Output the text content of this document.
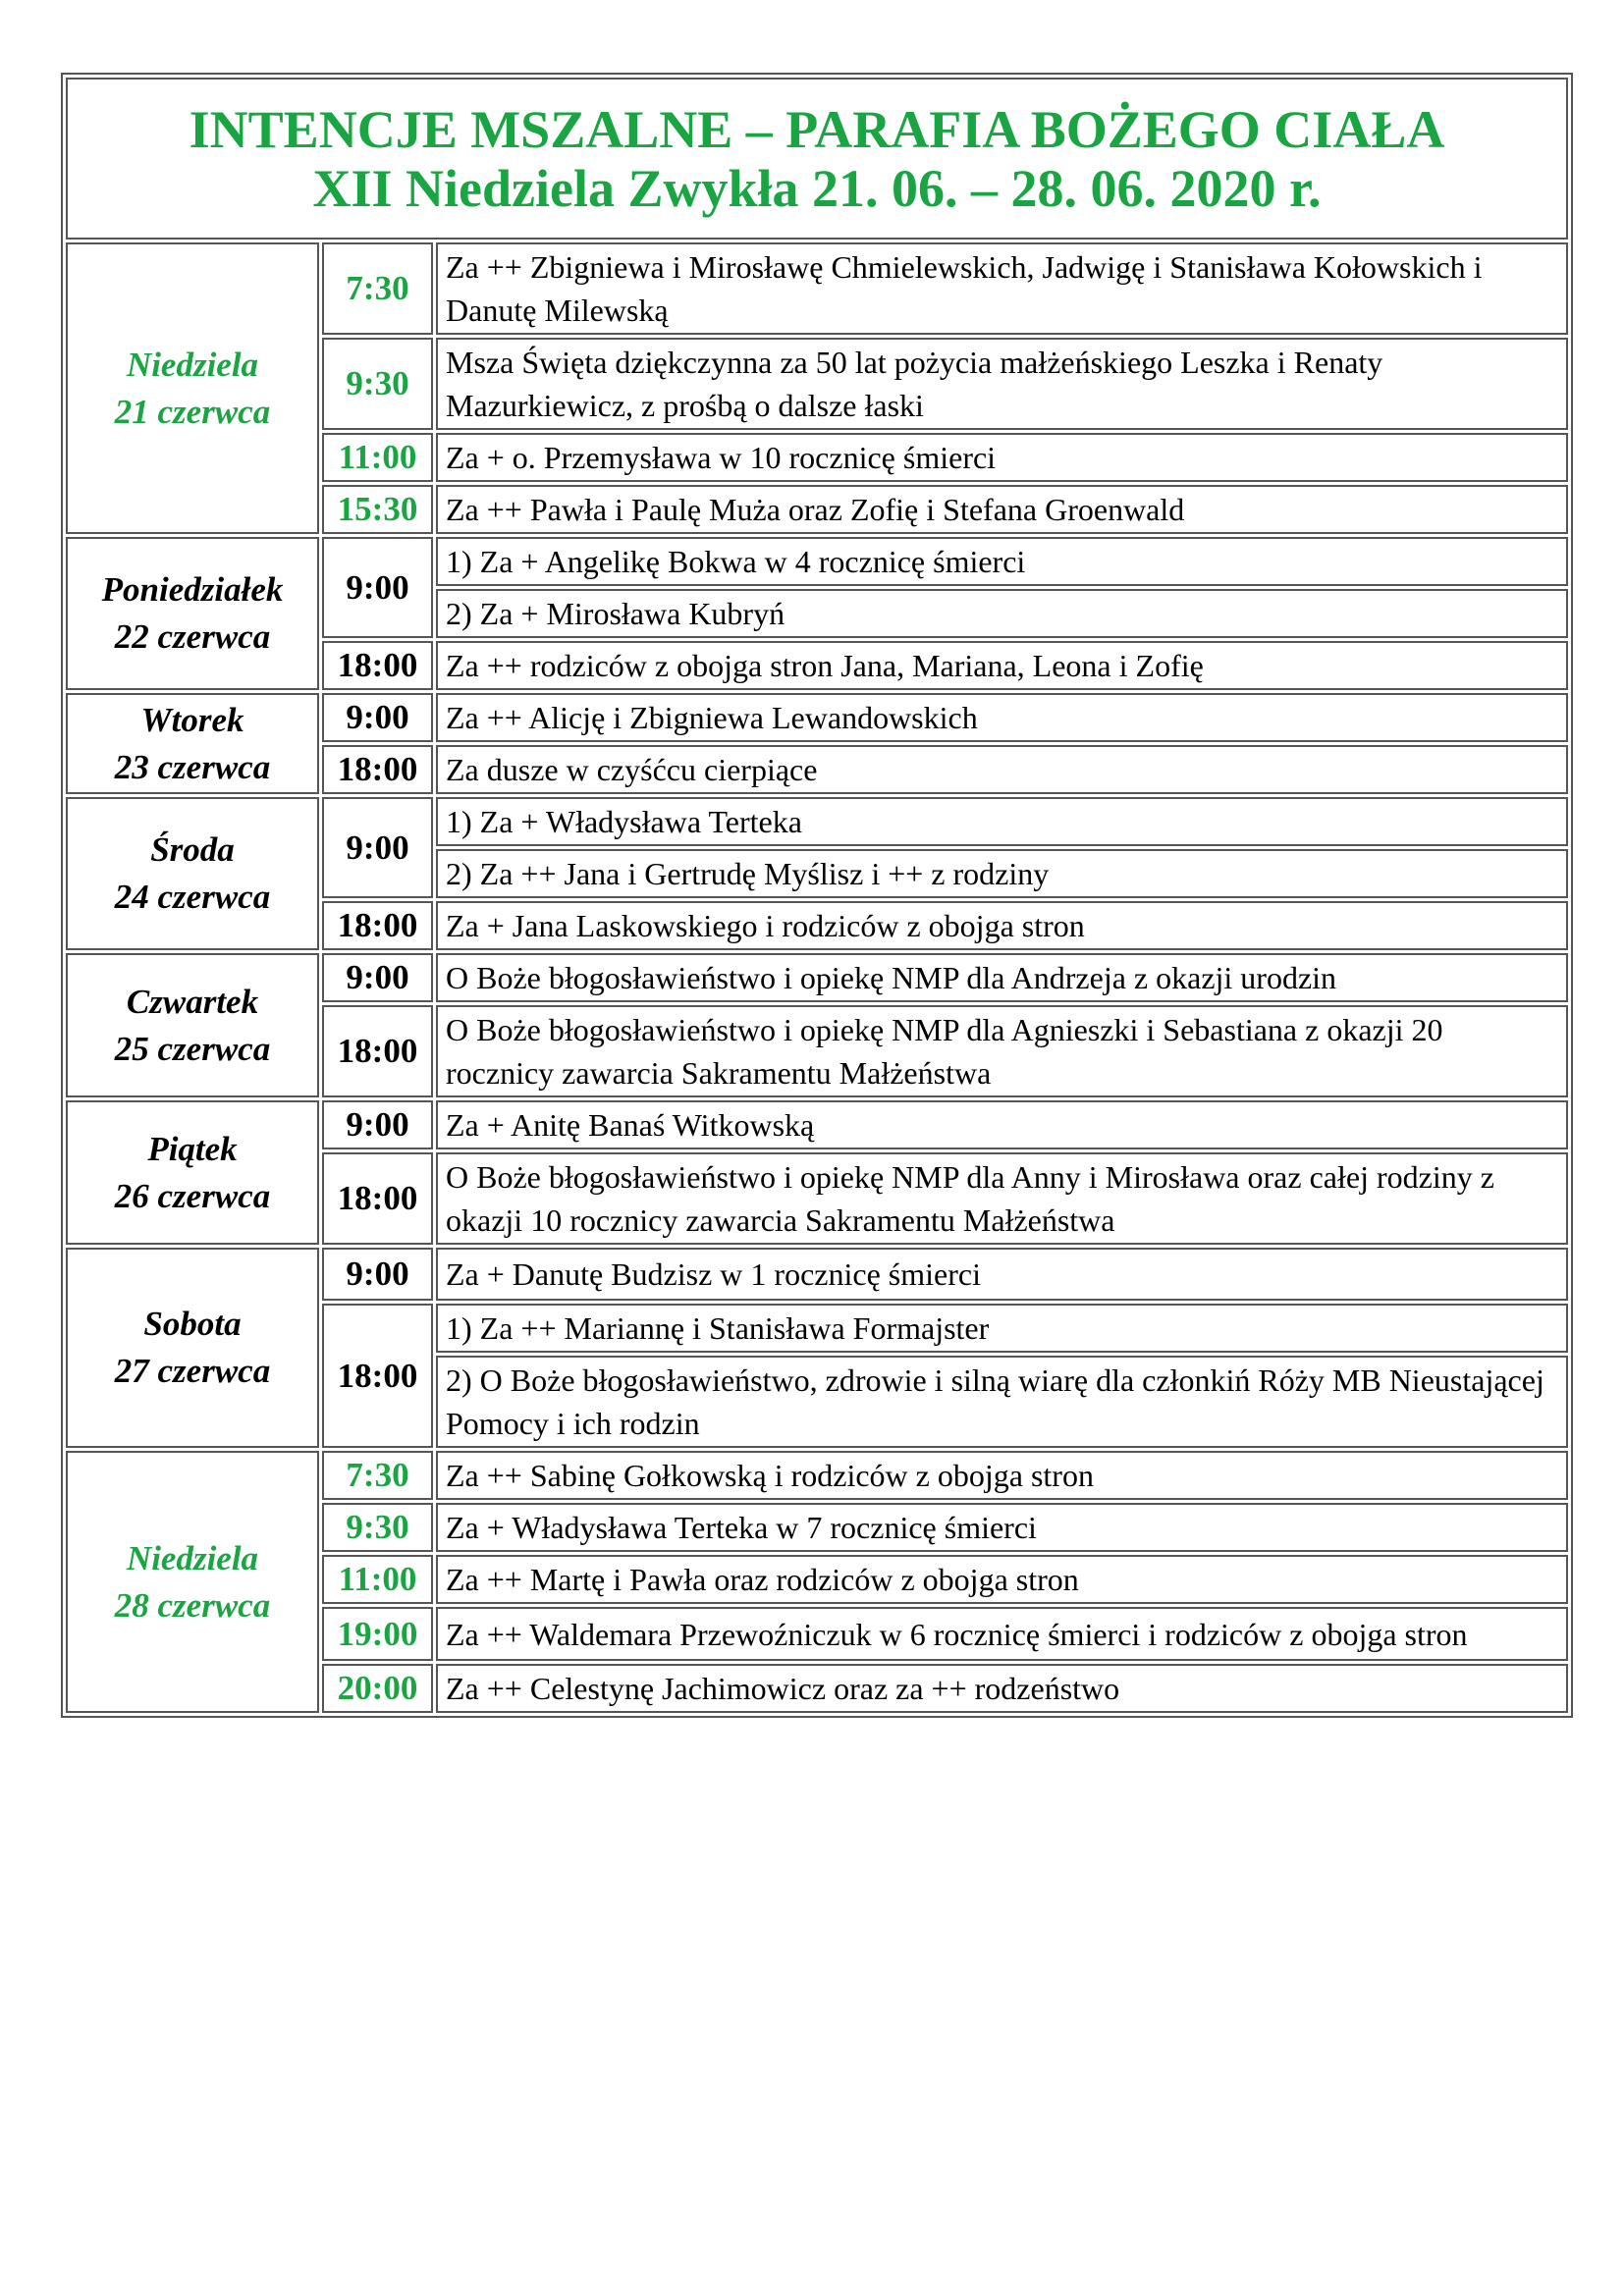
INTENCJE MSZALNE – PARAFIA BOŻEGO CIAŁA
XII Niedziela Zwykła 21. 06. – 28. 06. 2020 r.		

Niedziela
21 czerwca	7:30	Za ++ Zbigniewa i Mirosławę Chmielewskich, Jadwigę i Stanisława Kołowskich i Danutę Milewską
	9:30	Msza Święta dziękczynna za 50 lat pożycia małżeńskiego Leszka i Renaty Mazurkiewicz, z prośbą o dalsze łaski
	11:00	Za + o. Przemysława w 10 rocznicę śmierci
	15:30	Za ++ Pawła i Paulę Muża oraz Zofię i Stefana Groenwald

Poniedziałek
22 czerwca	9:00	1) Za + Angelikę Bokwa w 4 rocznicę śmierci
		2) Za + Mirosława Kubryń
	18:00	Za ++ rodziców z obojga stron Jana, Mariana, Leona i Zofię

Wtorek
23 czerwca	9:00	Za ++ Alicję i Zbigniewa Lewandowskich
	18:00	Za dusze w czyśćcu cierpiące

Środa
24 czerwca	9:00	1) Za + Władysława Terteka
		2) Za ++ Jana i Gertrudę Myślisz i ++ z rodziny
	18:00	Za + Jana Laskowskiego i rodziców z obojga stron

Czwartek
25 czerwca	9:00	O Boże błogosławieństwo i opiekę NMP dla Andrzeja z okazji urodzin
	18:00	O Boże błogosławieństwo i opiekę NMP dla Agnieszki i Sebastiana z okazji 20 rocznicy zawarcia Sakramentu Małżeństwa

Piątek
26 czerwca	9:00	Za + Anitę Banaś Witkowską
	18:00	O Boże błogosławieństwo i opiekę NMP dla Anny i Mirosława oraz całej rodziny z okazji 10 rocznicy zawarcia Sakramentu Małżeństwa

Sobota
27 czerwca	9:00	Za + Danutę Budzisz w 1 rocznicę śmierci
	18:00	1) Za ++ Mariannę i Stanisława Formajster
		2) O Boże błogosławieństwo, zdrowie i silną wiarę dla członkiń Róży MB Nieustającej Pomocy i ich rodzin

Niedziela
28 czerwca	7:30	Za ++ Sabinę Gołkowską i rodziców z obojga stron
	9:30	Za + Władysława Terteka w 7 rocznicę śmierci
	11:00	Za ++ Martę i Pawła oraz rodziców z obojga stron
	19:00	Za ++ Waldemara Przewoźniczuk w 6 rocznicę śmierci i rodziców z obojga stron
	20:00	Za ++ Celestynę Jachimowicz oraz za ++ rodzeństwo
